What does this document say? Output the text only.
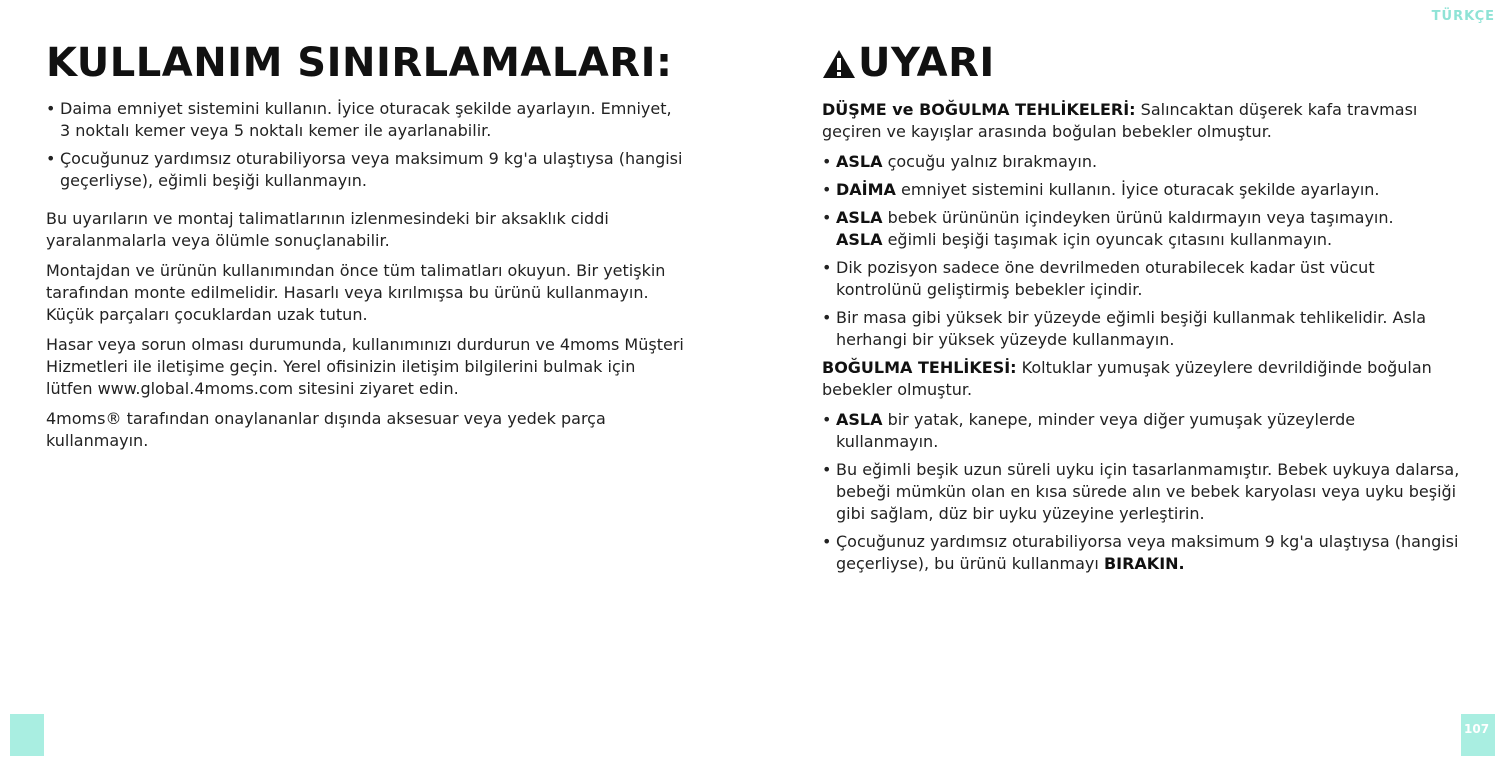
TÜRKÇE
KULLANIM SINIRLAMALARI:
• Daima emniyet sistemini kullanın. İyice oturacak şekilde ayarlayın. Emniyet, 3 noktalı kemer veya 5 noktalı kemer ile ayarlanabilir.
• Çocuğunuz yardımsız oturabiliyorsa veya maksimum 9 kg'a ulaştıysa (hangisi geçerliyse), eğimli beşiği kullanmayın.

Bu uyarıların ve montaj talimatlarının izlenmesindeki bir aksaklık ciddi yaralanmalarla veya ölümle sonuçlanabilir.

Montajdan ve ürünün kullanımından önce tüm talimatları okuyun. Bir yetişkin tarafından monte edilmelidir. Hasarlı veya kırılmışsa bu ürünü kullanmayın. Küçük parçaları çocuklardan uzak tutun.

Hasar veya sorun olması durumunda, kullanımınızı durdurun ve 4moms Müşteri Hizmetleri ile iletişime geçin. Yerel ofisinizin iletişim bilgilerini bulmak için lütfen www.global.4moms.com sitesini ziyaret edin.

4moms® tarafından onaylananlar dışında aksesuar veya yedek parça kullanmayın.

UYARI

DÜŞME ve BOĞULMA TEHLİKELERİ: Salıncaktan düşerek kafa travması geçiren ve kayışlar arasında boğulan bebekler olmuştur.

• ASLA çocuğu yalnız bırakmayın.
• DAİMA emniyet sistemini kullanın. İyice oturacak şekilde ayarlayın.
• ASLA bebek ürününün içindeyken ürünü kaldırmayın veya taşımayın.
ASLA eğimli beşiği taşımak için oyuncak çıtasını kullanmayın.
• Dik pozisyon sadece öne devrilmeden oturabilecek kadar üst vücut kontrolünü geliştirmiş bebekler içindir.
• Bir masa gibi yüksek bir yüzeyde eğimli beşiği kullanmak tehlikelidir. Asla herhangi bir yüksek yüzeyde kullanmayın.

BOĞULMA TEHLİKESİ: Koltuklar yumuşak yüzeylere devrildiğinde boğulan bebekler olmuştur.

• ASLA bir yatak, kanepe, minder veya diğer yumuşak yüzeylerde kullanmayın.
• Bu eğimli beşik uzun süreli uyku için tasarlanmamıştır. Bebek uykuya dalarsa, bebeği mümkün olan en kısa sürede alın ve bebek karyolası veya uyku beşiği gibi sağlam, düz bir uyku yüzeyine yerleştirin.
• Çocuğunuz yardımsız oturabiliyorsa veya maksimum 9 kg'a ulaştıysa (hangisi geçerliyse), bu ürünü kullanmayı BIRAKIN.
107
